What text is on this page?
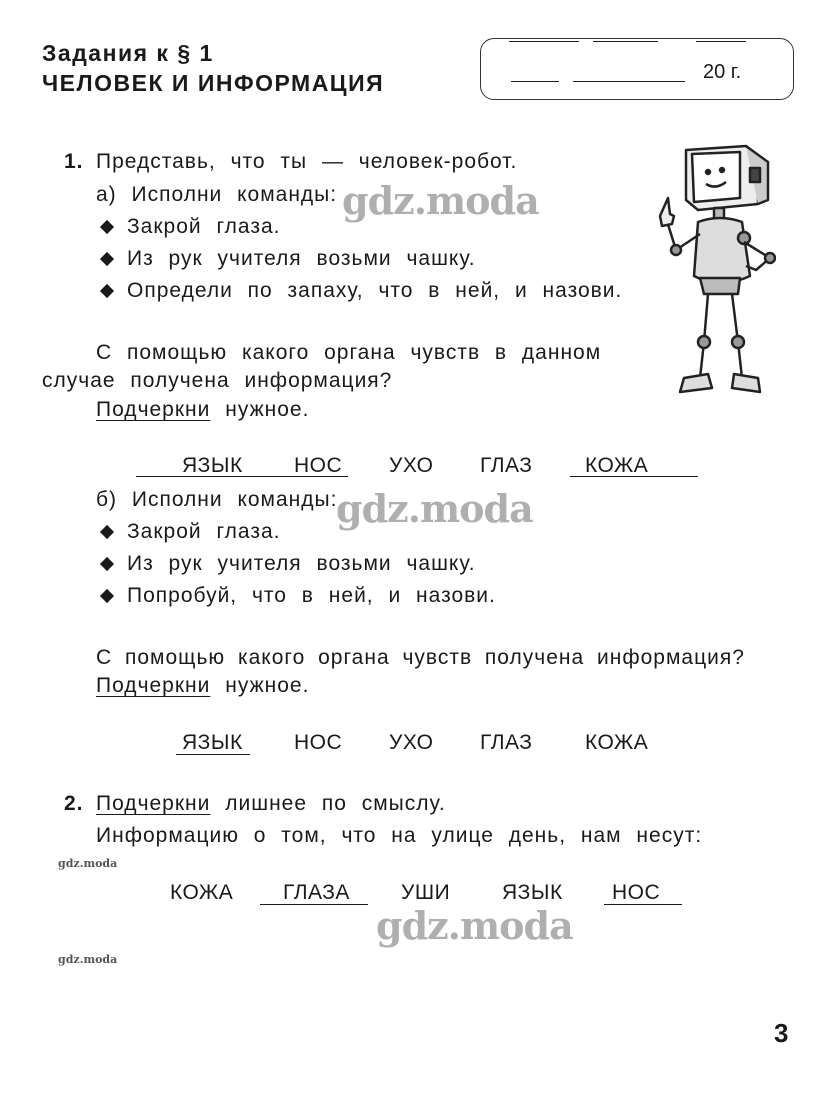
Задания к § 1
ЧЕЛОВЕК И ИНФОРМАЦИЯ	20 г.
1. Представь, что ты — человек-робот.
а) Исполни команды:
Закрой глаза.
Из рук учителя возьми чашку.
Определи по запаху, что в ней, и назови.
С помощью какого органа чувств в данном
случае получена информация?
Подчеркни нужное.
ЯЗЫК НОС УХО ГЛАЗ	КОЖА
б) Исполни команды:
Закрой глаза.
Из рук учителя возьми чашку.
Попробуй, что в ней, и назови.
С помощью какого органа чувств получена информация?
Подчеркни нужное.
ЯЗЫК НОС УХО ГЛАЗ	КОЖА
2. Подчеркни лишнее по смыслу.
Информацию о том, что на улице день, нам несут:
КОЖА ГЛАЗА УШИ ЯЗЫК НОС
gdz.moda
gdz.moda
gdz.moda
gdz.moda
gdz.moda
3
